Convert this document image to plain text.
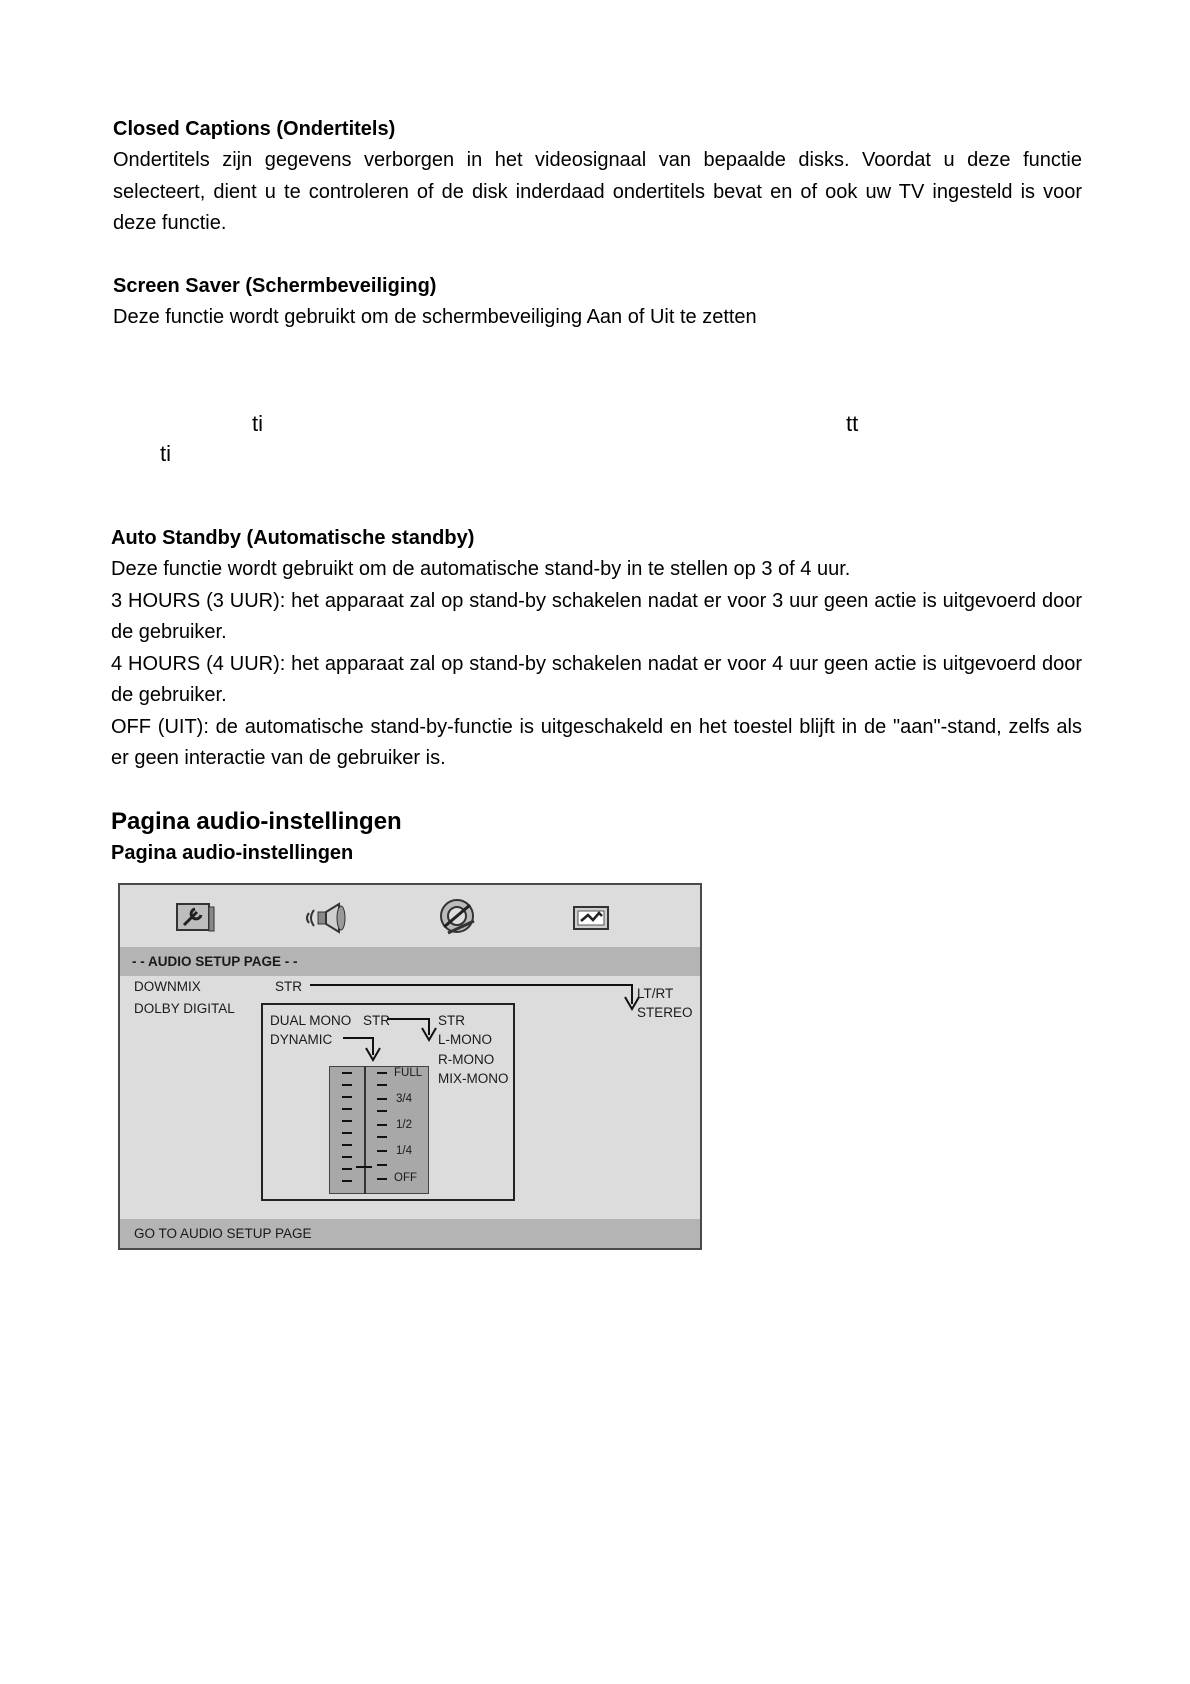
Closed Captions (Ondertitels)
Ondertitels zijn gegevens verborgen in het videosignaal van bepaalde disks. Voordat u deze functie selecteert, dient u te controleren of de disk inderdaad ondertitels bevat en of ook uw TV ingesteld is voor deze functie.
Screen Saver (Schermbeveiliging)
Deze functie wordt gebruikt om de schermbeveiliging Aan of Uit te zetten
ti	tt
ti
Auto Standby (Automatische standby)
Deze functie wordt gebruikt om de automatische stand-by in te stellen op 3 of 4 uur.
3 HOURS (3 UUR): het apparaat zal op stand-by schakelen nadat er voor 3 uur geen actie is uitgevoerd door de gebruiker.
4 HOURS (4 UUR): het apparaat zal op stand-by schakelen nadat er voor 4 uur geen actie is uitgevoerd door de gebruiker.
OFF (UIT): de automatische stand-by-functie is uitgeschakeld en het toestel blijft in de "aan"-stand, zelfs als er geen interactie van de gebruiker is.
Pagina audio-instellingen
Pagina audio-instellingen
- - AUDIO SETUP PAGE - -
DOWNMIX
DOLBY DIGITAL
STR	LT/RT
STEREO
DUAL MONO STR
DYNAMIC
STR
L-MONO
R-MONO
MIX-MONO
FULL
3/4
1/2
1/4
OFF
GO TO AUDIO SETUP PAGE
